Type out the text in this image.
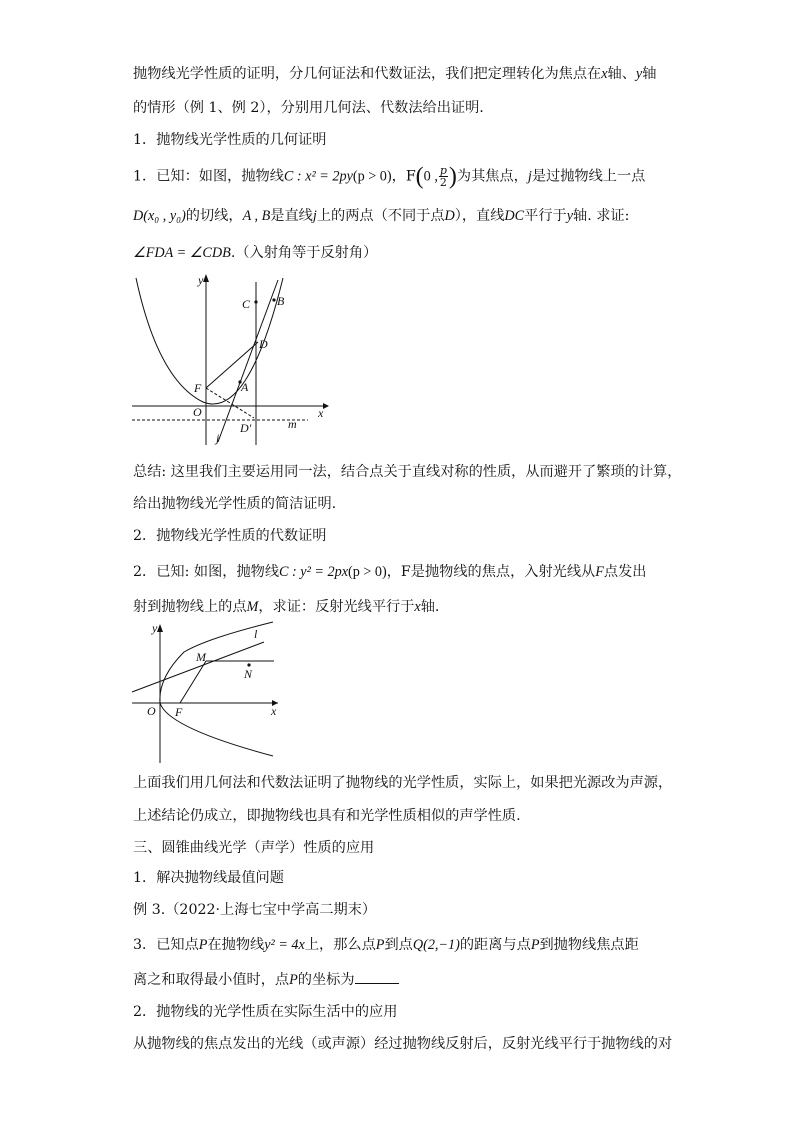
抛物线光学性质的证明，分几何证法和代数证法，我们把定理转化为焦点在x轴、y轴
的情形（例 1、例 2），分别用几何法、代数法给出证明.
1．抛物线光学性质的几何证明
1．已知：如图，抛物线C : x² = 2py(p > 0)，F(0 , $\frac{p}{2}$ )为其焦点，j是过抛物线上一点
D(x₀ , y₀)的切线，A , B是直线j上的两点（不同于点D），直线DC平行于y轴. 求证:
∠FDA = ∠CDB.（入射角等于反射角）
y
x
O
F	A
C B
D
D′	m
j
总结: 这里我们主要运用同一法，结合点关于直线对称的性质，从而避开了繁琐的计算，
给出抛物线光学性质的简洁证明.
2．抛物线光学性质的代数证明
2．已知: 如图，抛物线C : y² = 2px(p > 0)，F是抛物线的焦点，入射光线从F点发出
射到抛物线上的点M，求证：反射光线平行于x轴.
y
x
O F
M
N
l
上面我们用几何法和代数法证明了抛物线的光学性质，实际上，如果把光源改为声源，
上述结论仍成立，即抛物线也具有和光学性质相似的声学性质.
三、圆锥曲线光学（声学）性质的应用
1．解决抛物线最值问题
例 3.（2022·上海七宝中学高二期末）
3．已知点P在抛物线y² = 4x上，那么点P到点Q(2,−1)的距离与点P到抛物线焦点距
离之和取得最小值时，点P的坐标为
2．抛物线的光学性质在实际生活中的应用
从抛物线的焦点发出的光线（或声源）经过抛物线反射后，反射光线平行于抛物线的对
